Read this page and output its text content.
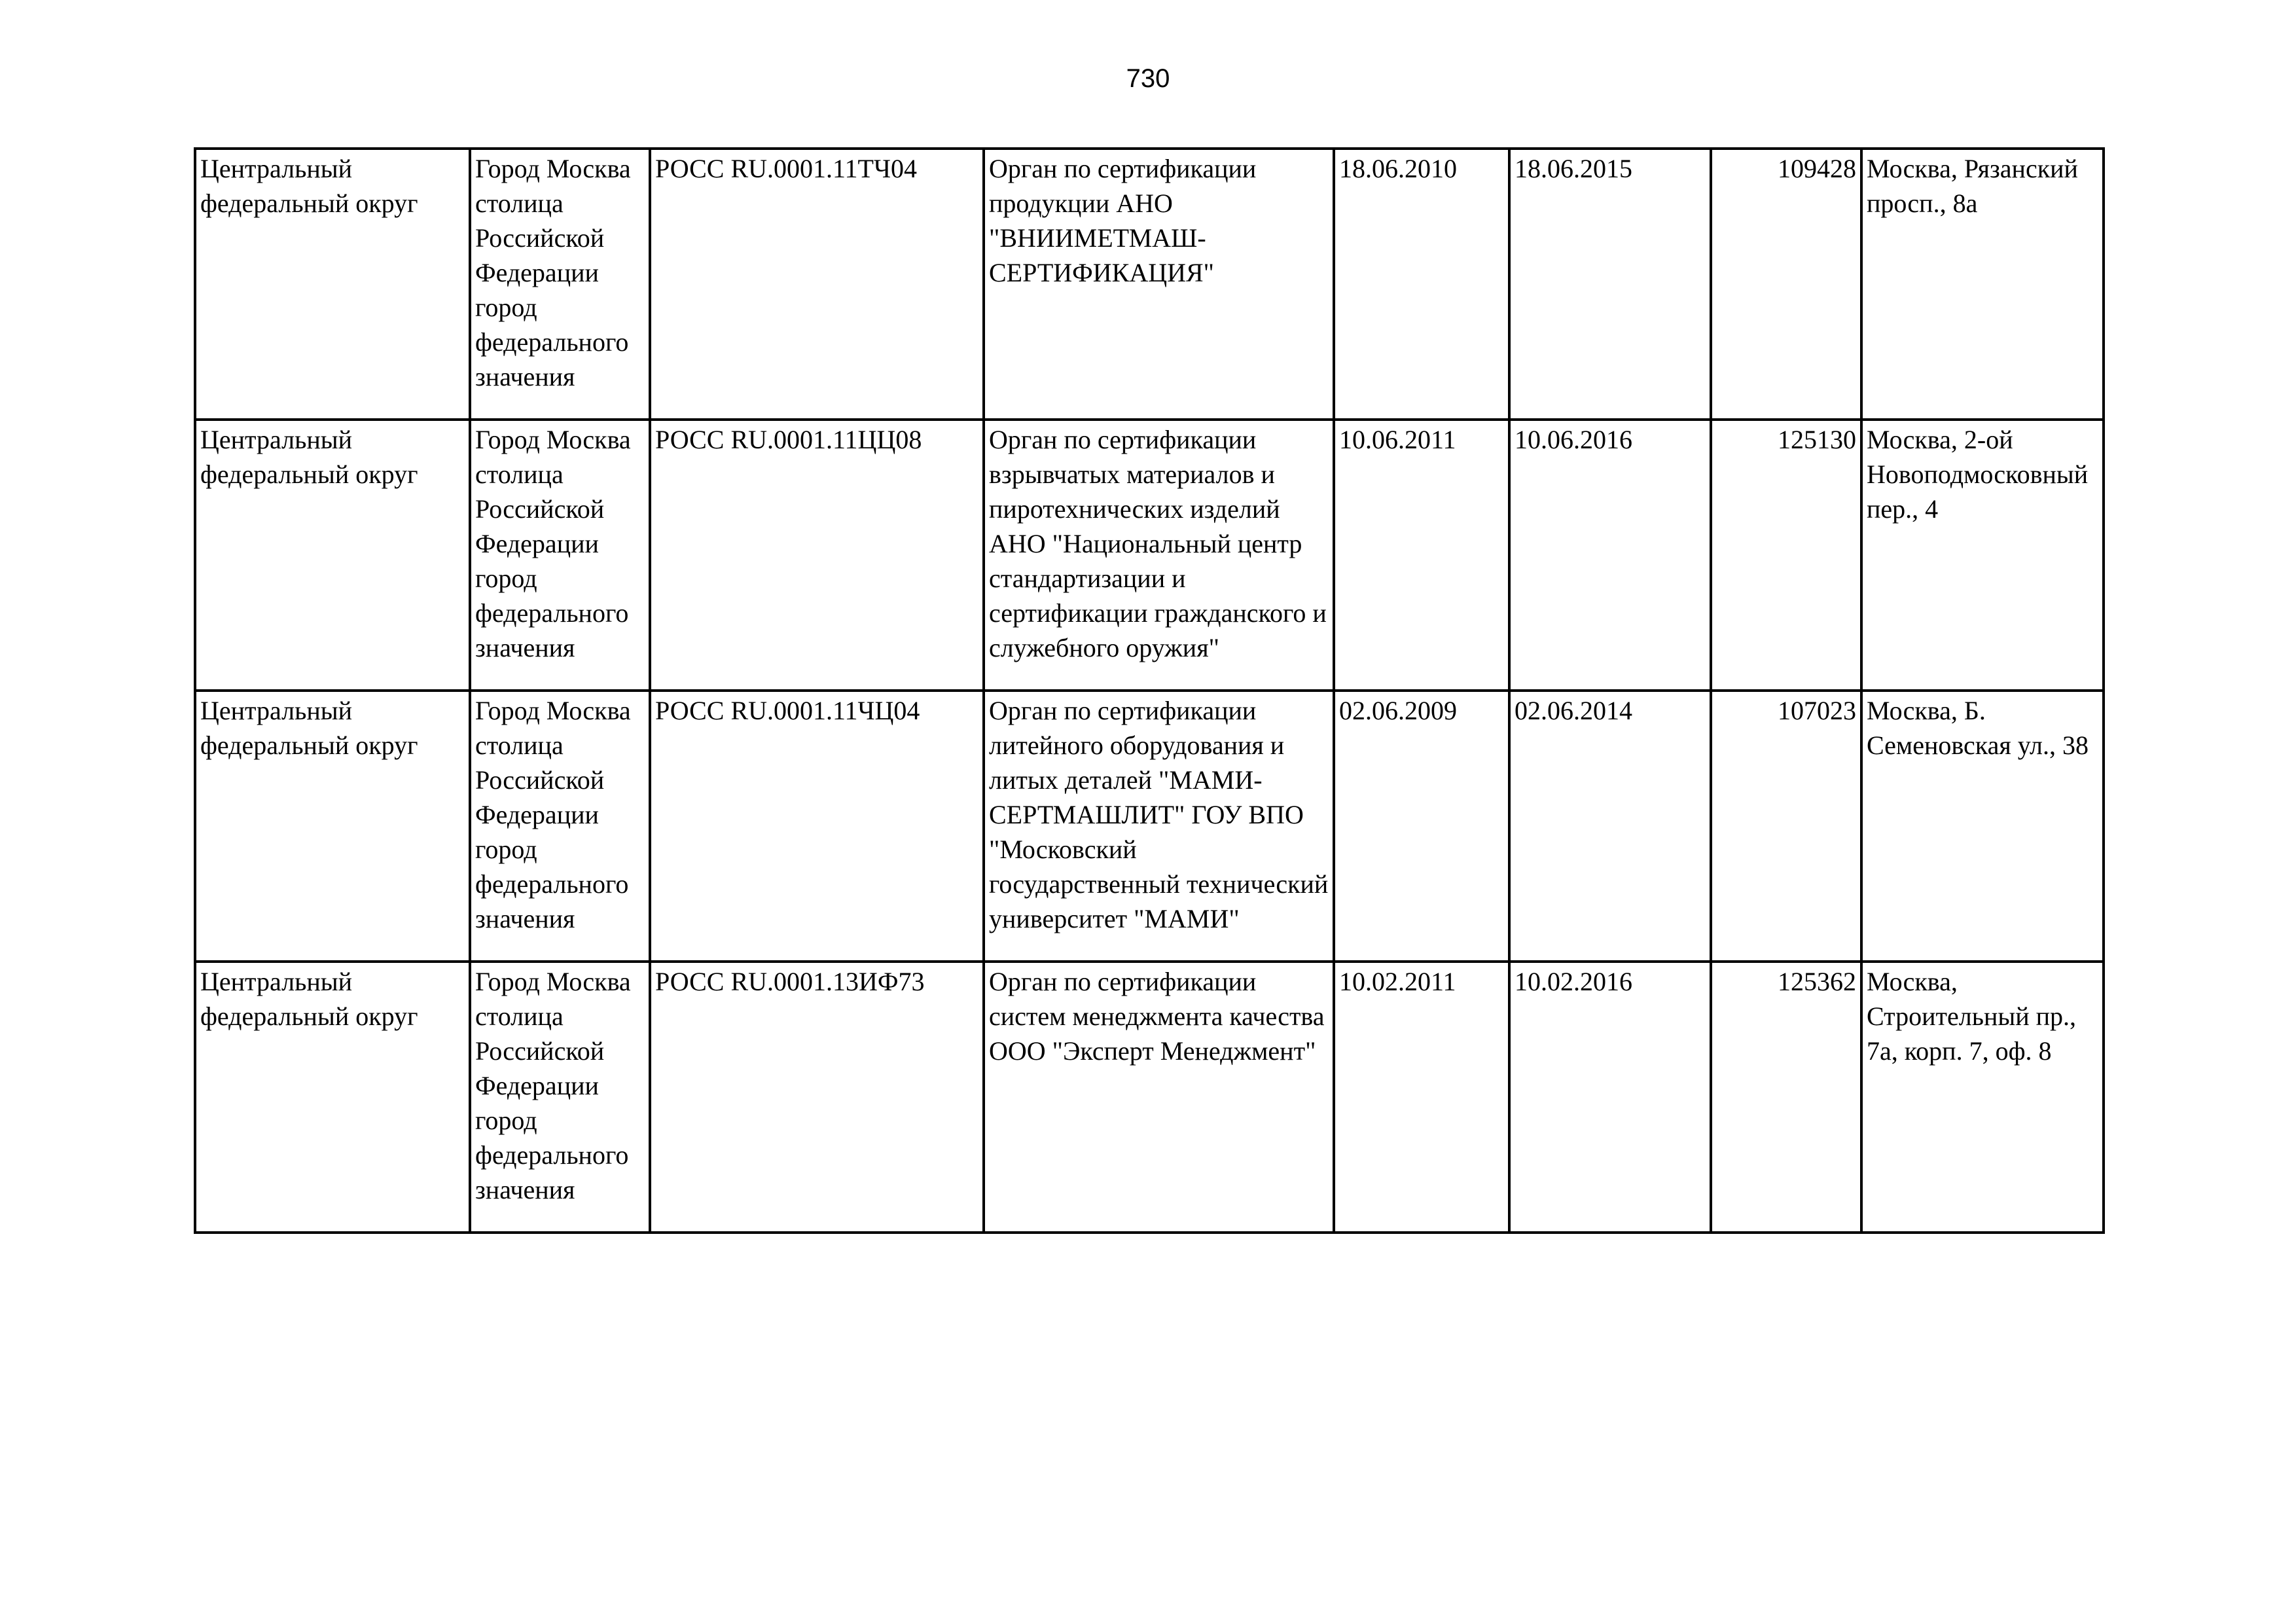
730
Центральный федеральный округ	Город Москва столица Российской Федерации город федерального значения	РОСС RU.0001.11ТЧ04	Орган по сертификации продукции АНО "ВНИИМЕТМАШ-СЕРТИФИКАЦИЯ"	18.06.2010	18.06.2015	109428	Москва, Рязанский просп., 8а

Центральный федеральный округ	Город Москва столица Российской Федерации город федерального значения	РОСС RU.0001.11ЦЦ08	Орган по сертификации взрывчатых материалов и пиротехнических изделий АНО "Национальный центр стандартизации и сертификации гражданского и служебного оружия"	10.06.2011	10.06.2016	125130	Москва, 2-ой Новоподмосковный пер., 4

Центральный федеральный округ	Город Москва столица Российской Федерации город федерального значения	РОСС RU.0001.11ЧЦ04	Орган по сертификации литейного оборудования и литых деталей "МАМИ-СЕРТМАШЛИТ" ГОУ ВПО "Московский государственный технический университет "МАМИ"	02.06.2009	02.06.2014	107023	Москва, Б. Семеновская ул., 38

Центральный федеральный округ	Город Москва столица Российской Федерации город федерального значения	РОСС RU.0001.13ИФ73	Орган по сертификации систем менеджмента качества ООО "Эксперт Менеджмент"	10.02.2011	10.02.2016	125362	Москва, Строительный пр., 7а, корп. 7, оф. 8
